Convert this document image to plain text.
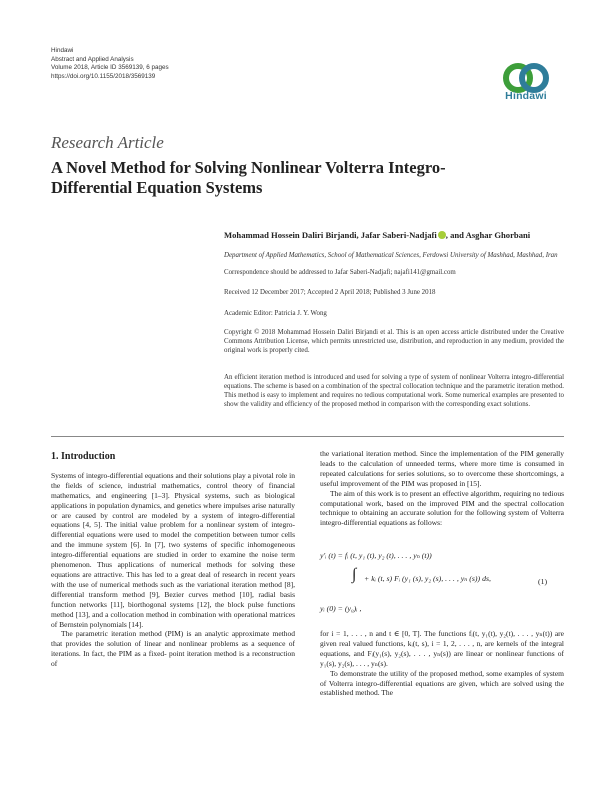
Hindawi
Abstract and Applied Analysis
Volume 2018, Article ID 3569139, 6 pages
https://doi.org/10.1155/2018/3569139
Hindawi
Research Article
A Novel Method for Solving Nonlinear Volterra Integro-Differential Equation Systems
Mohammad Hossein Daliri Birjandi, Jafar Saberi-Nadjafi , and Asghar Ghorbani
Department of Applied Mathematics, School of Mathematical Sciences, Ferdowsi University of Mashhad, Mashhad, Iran
Correspondence should be addressed to Jafar Saberi-Nadjafi; najafi141@gmail.com
Received 12 December 2017; Accepted 2 April 2018; Published 3 June 2018
Academic Editor: Patricia J. Y. Wong
Copyright © 2018 Mohammad Hossein Daliri Birjandi et al. This is an open access article distributed under the Creative Commons Attribution License, which permits unrestricted use, distribution, and reproduction in any medium, provided the original work is properly cited.
An efficient iteration method is introduced and used for solving a type of system of nonlinear Volterra integro-differential equations. The scheme is based on a combination of the spectral collocation technique and the parametric iteration method. This method is easy to implement and requires no tedious computational work. Some numerical examples are presented to show the validity and efficiency of the proposed method in comparison with the corresponding exact solutions.
1. Introduction

Systems of integro-differential equations and their solutions play a pivotal role in the fields of science, industrial mathematics, control theory of financial mathematics, and engineering [1–3]. Physical systems, such as biological applications in population dynamics, and genetics where impulses arise naturally or are caused by control are modeled by a system of integro-differential equations [4, 5]. The initial value problem for a nonlinear system of integro-differential equations were used to model the competition between tumor cells and the immune system [6]. In [7], two systems of specific inhomogeneous integro-differential equations are studied in order to examine the noise term phenomenon. Thus applications of numerical methods for solving these equations are attractive. This has led to a great deal of research in recent years with the use of numerical methods such as the variational iteration method [8], differential transform method [9], Bezier curves method [10], radial basis function networks [11], biorthogonal systems [12], the block pulse functions method [13], and a collocation method in combination with operational matrices of Bernstein polynomials [14].

The parametric iteration method (PIM) is an analytic approximate method that provides the solution of linear and nonlinear problems as a sequence of iterations. In fact, the PIM as a fixed- point iteration method is a reconstruction of

the variational iteration method. Since the implementation of the PIM generally leads to the calculation of unneeded terms, where more time is consumed in repeated calculations for series solutions, so to overcome these shortcomings, a useful improvement of the PIM was proposed in [15].

The aim of this work is to present an effective algorithm, requiring no tedious computational work, based on the improved PIM and the spectral collocation technique to obtaining an accurate solution for the following system of Volterra integro-differential equations as follows:

y′ᵢ (t) = fᵢ (t, y₁ (t), y₂ (t), . . . , yₙ (t))
∫ + kᵢ (t, s) Fᵢ (y₁ (s), y₂ (s), . . . , yₙ (s)) ds,	(1)
yᵢ (0) = (y₀)ᵢ ,

for i = 1, . . . , n and t ∈ [0, T]. The functions fᵢ(t, y₁(t), y₂(t), . . . , yₙ(t)) are given real valued functions, kᵢ(t, s), i = 1, 2, . . . , n, are kernels of the integral equations, and Fᵢ(y₁(s), y₂(s), . . . , yₙ(s)) are linear or nonlinear functions of y₁(s), y₂(s), . . . , yₙ(s).

To demonstrate the utility of the proposed method, some examples of system of Volterra integro-differential equations are given, which are solved using the established method. The
